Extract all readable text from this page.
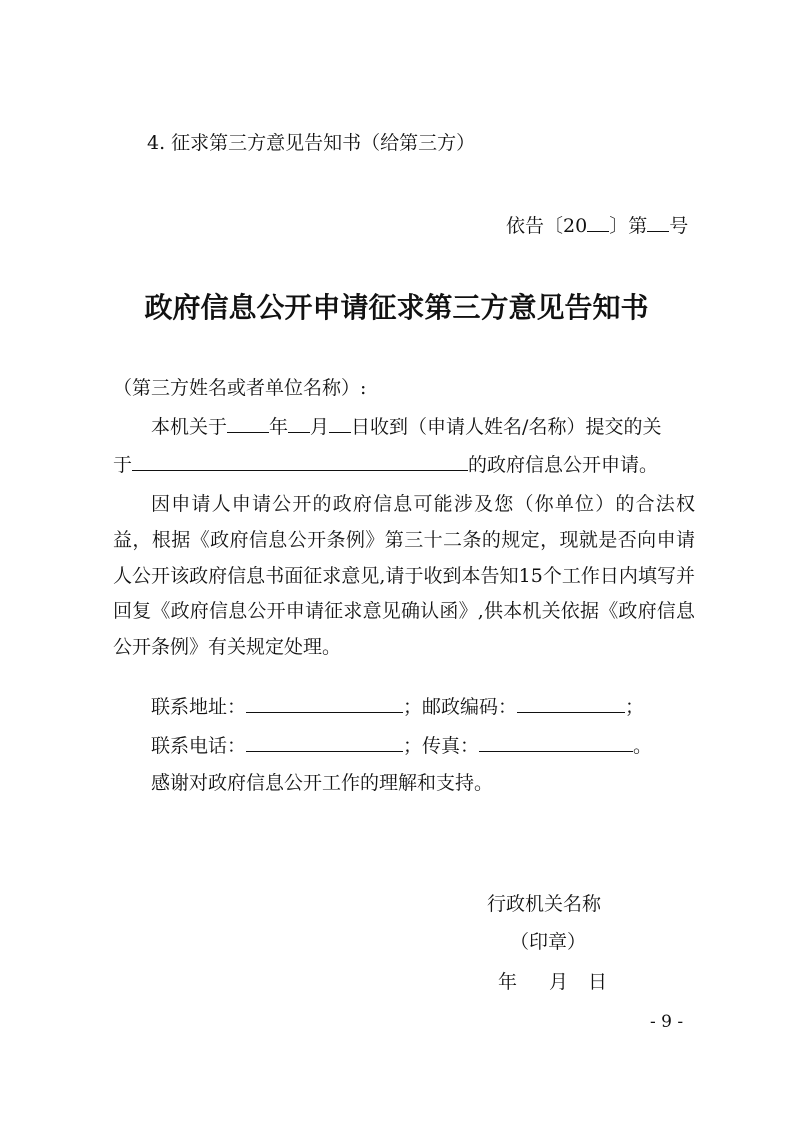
4. 征求第三方意见告知书（给第三方）
依告〔20 〕第 号
政府信息公开申请征求第三方意见告知书
（第三方姓名或者单位名称）:
本机关于 年 月 日收到（申请人姓名/名称）提交的关
于	的政府信息公开申请。
因申请人申请公开的政府信息可能涉及您（你单位）的合法权益，根据《政府信息公开条例》第三十二条的规定，现就是否向申请人公开该政府信息书面征求意见,请于收到本告知15个工作日内填写并回复《政府信息公开申请征求意见确认函》,供本机关依据《政府信息公开条例》有关规定处理。
联系地址：	；邮政编码：	；
联系电话：	；传真：	。
感谢对政府信息公开工作的理解和支持。
行政机关名称
（印章）
年 月 日
- 9 -
